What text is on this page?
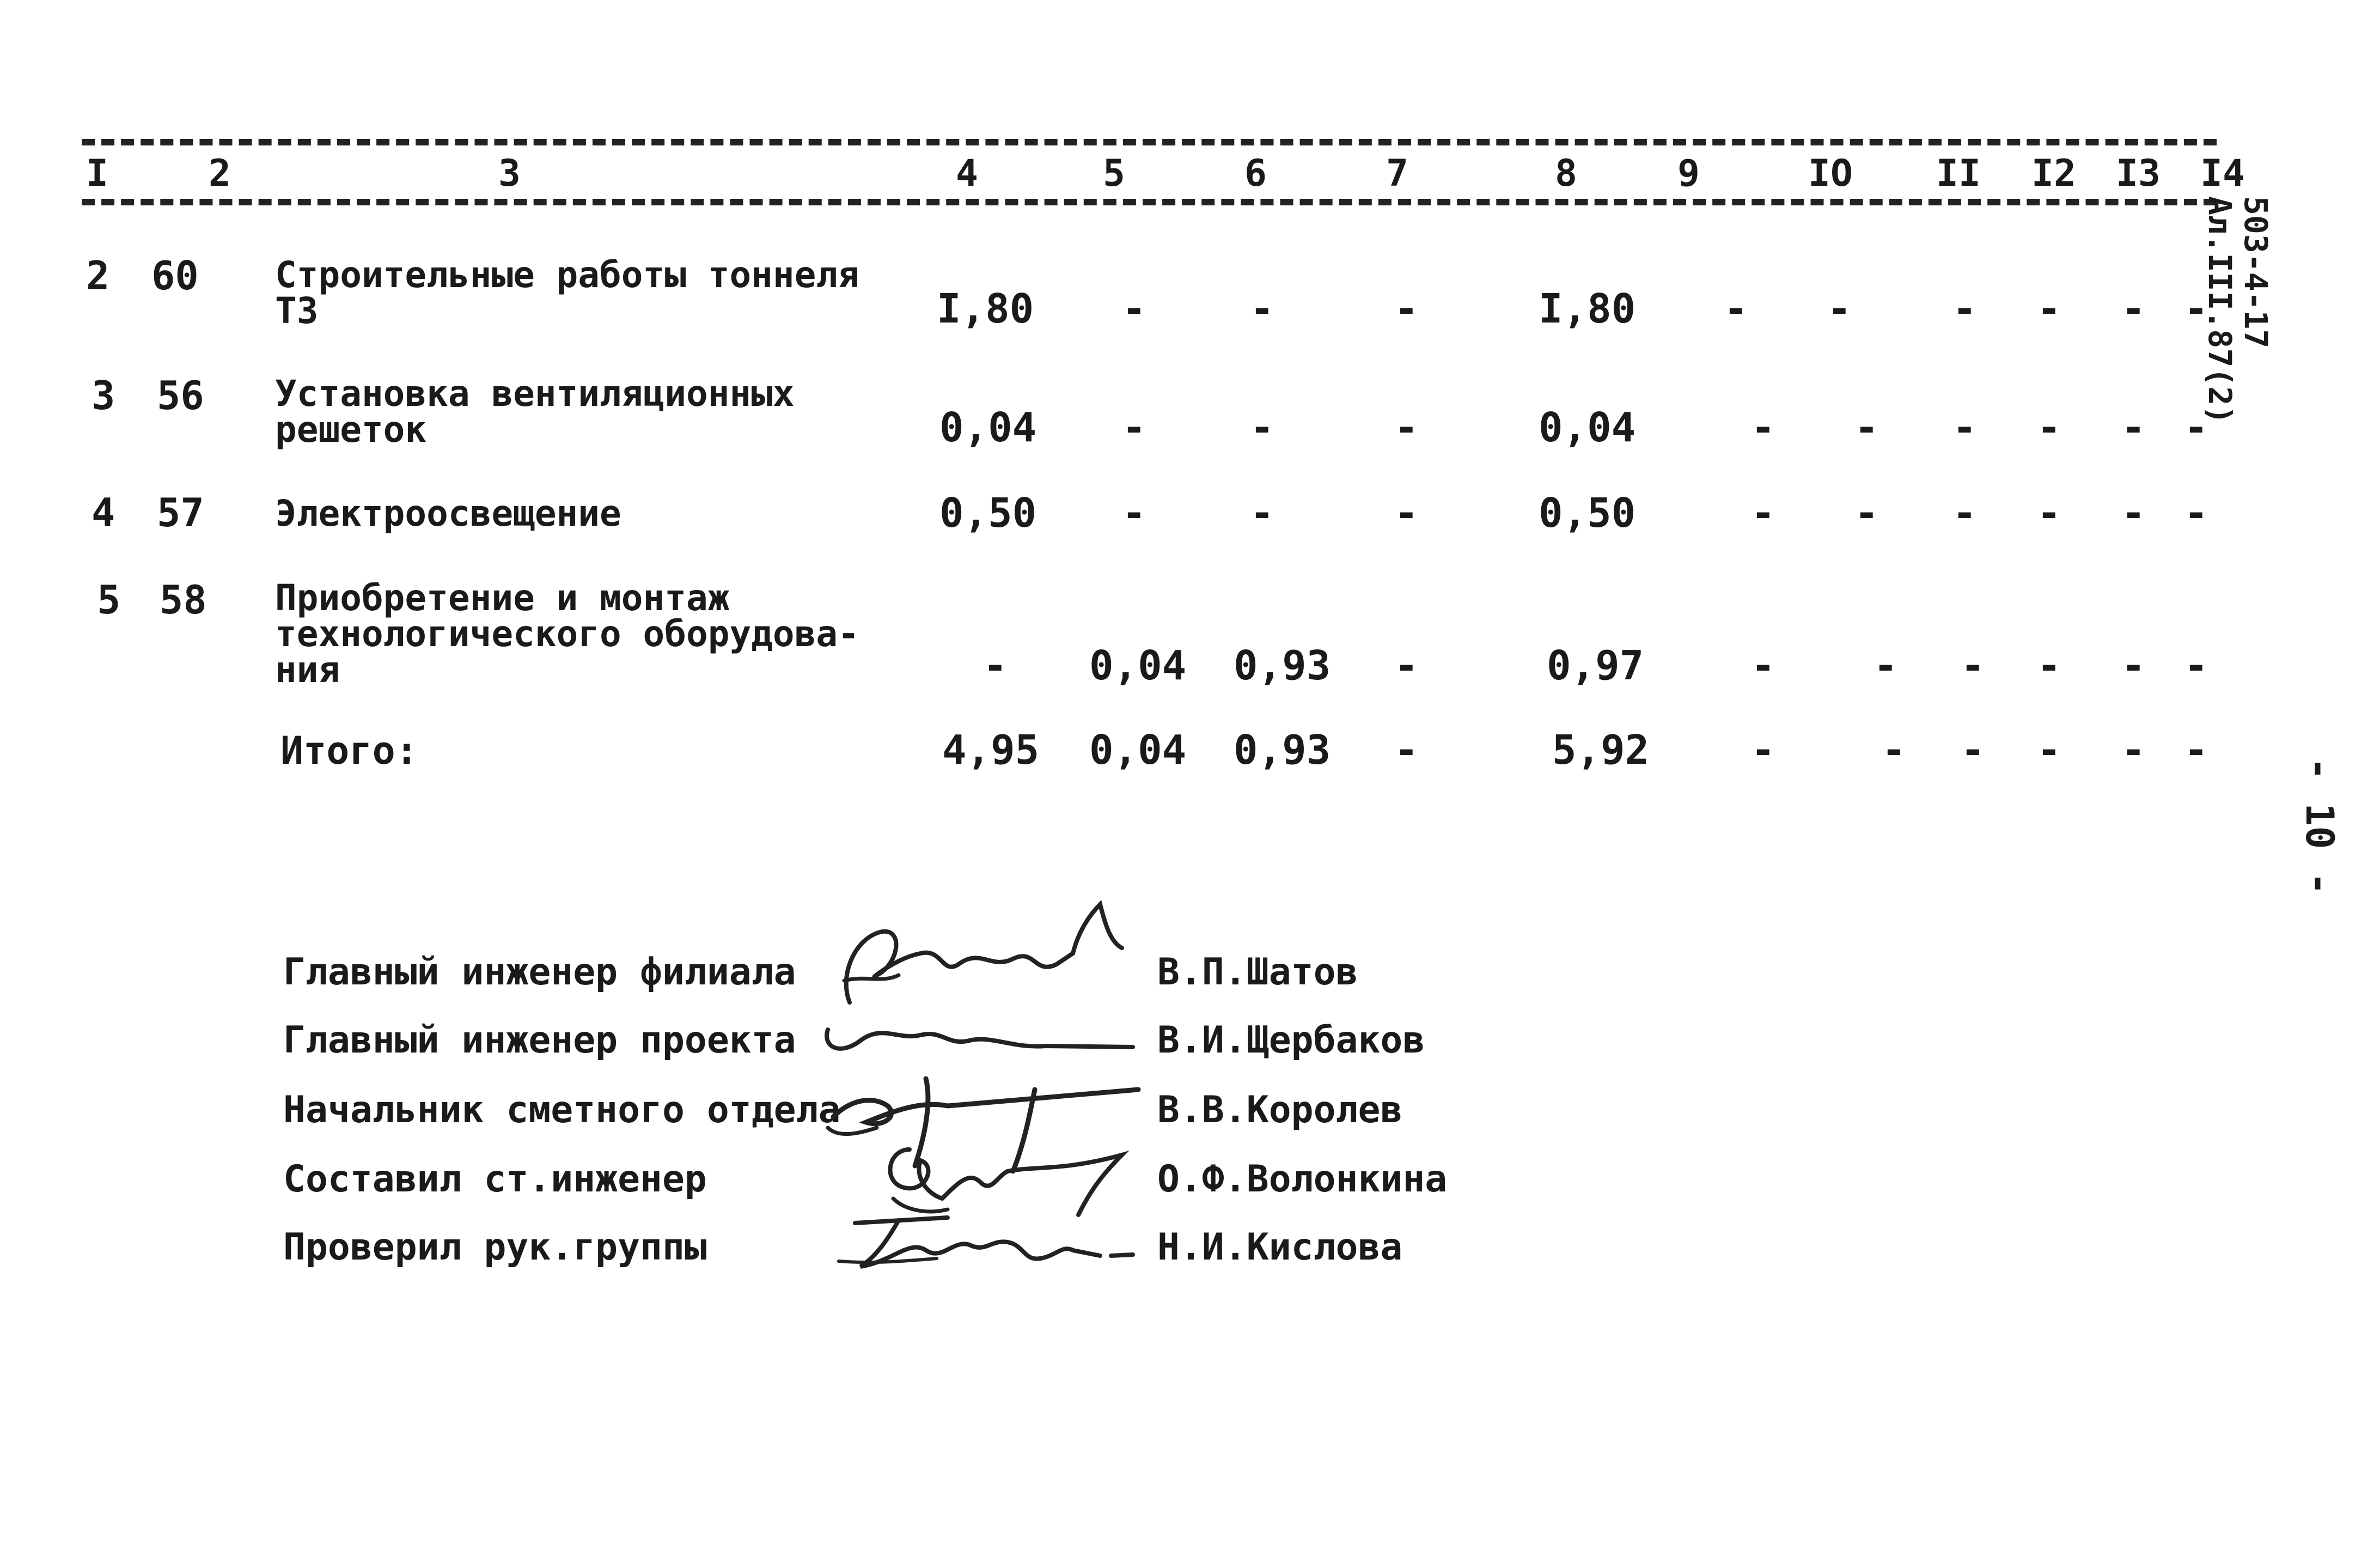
I	2	3	4	5	6	7	8	9	IO II I2 I3 I4
2 60 Строительные работы тоннеля
ТЗ	I,80 -	-	-	I,80 - -	- - - -
3 56 Установка вентиляционных
решеток	0,04 -	-	-	0,04	- - - - - -
4 57 Электроосвещение	0,50 -	-	-	0,50	- - - - - -
5 58 Приобретение и монтаж
технологического оборудова-
ния	- 0,04 0,93 -	0,97	- - - - - -
Итого:	4,95 0,04 0,93 -	5,92	-	- - - - -
503-4-17
Ал.III.87(2)
- 10 -
Главный инженер филиала	В.П.Шатов
Главный инженер проекта	В.И.Щербаков
Начальник сметного отдела	В.В.Королев
Составил ст.инженер	О.Ф.Волонкина
Проверил рук.группы	Н.И.Кислова
